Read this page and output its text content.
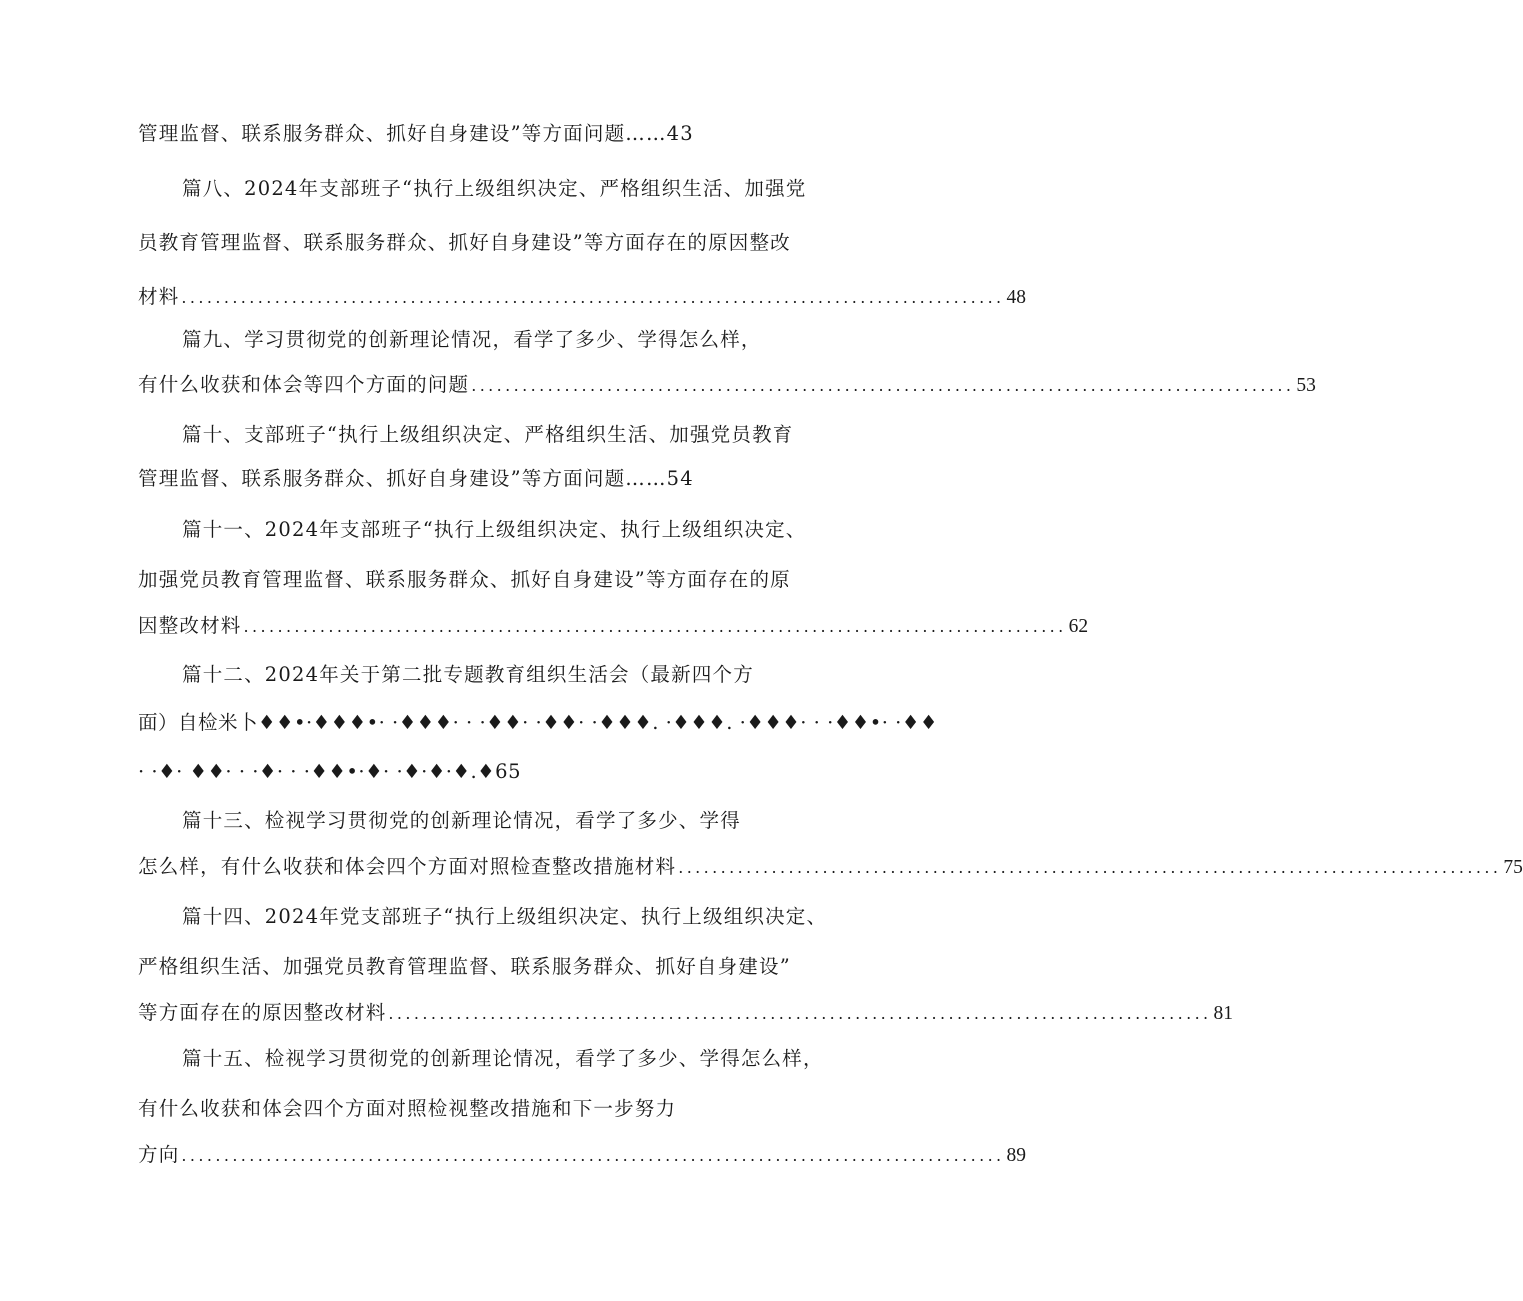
管理监督、联系服务群众、抓好自身建设”等方面问题……43
篇八、2024年支部班子“执行上级组织决定、严格组织生活、加强党
员教育管理监督、联系服务群众、抓好自身建设”等方面存在的原因整改
材料 ................................................................................................. 48
篇九、学习贯彻党的创新理论情况，看学了多少、学得怎么样，
有什么收获和体会等四个方面的问题 ................................................................................................. 53
篇十、支部班子“执行上级组织决定、严格组织生活、加强党员教育
管理监督、联系服务群众、抓好自身建设”等方面问题……54
篇十一、2024年支部班子“执行上级组织决定、执行上级组织决定、
加强党员教育管理监督、联系服务群众、抓好自身建设”等方面存在的原
因整改材料 ................................................................................................. 62
篇十二、2024年关于第二批专题教育组织生活会（最新四个方
面）自检米卜♦♦•·♦♦♦•· ·♦♦♦· · ·♦♦· ·♦♦· ·♦♦♦. ·♦♦♦. ·♦♦♦· · ·♦♦•· ·♦♦
· ·♦· ♦♦· · ·♦· · ·♦♦•·♦· ·♦·♦·♦.♦65
篇十三、检视学习贯彻党的创新理论情况，看学了多少、学得
怎么样，有什么收获和体会四个方面对照检查整改措施材料 ................................................................................................. 75
篇十四、2024年党支部班子“执行上级组织决定、执行上级组织决定、
严格组织生活、加强党员教育管理监督、联系服务群众、抓好自身建设”
等方面存在的原因整改材料 ................................................................................................. 81
篇十五、检视学习贯彻党的创新理论情况，看学了多少、学得怎么样，
有什么收获和体会四个方面对照检视整改措施和下一步努力
方向 ................................................................................................. 89
